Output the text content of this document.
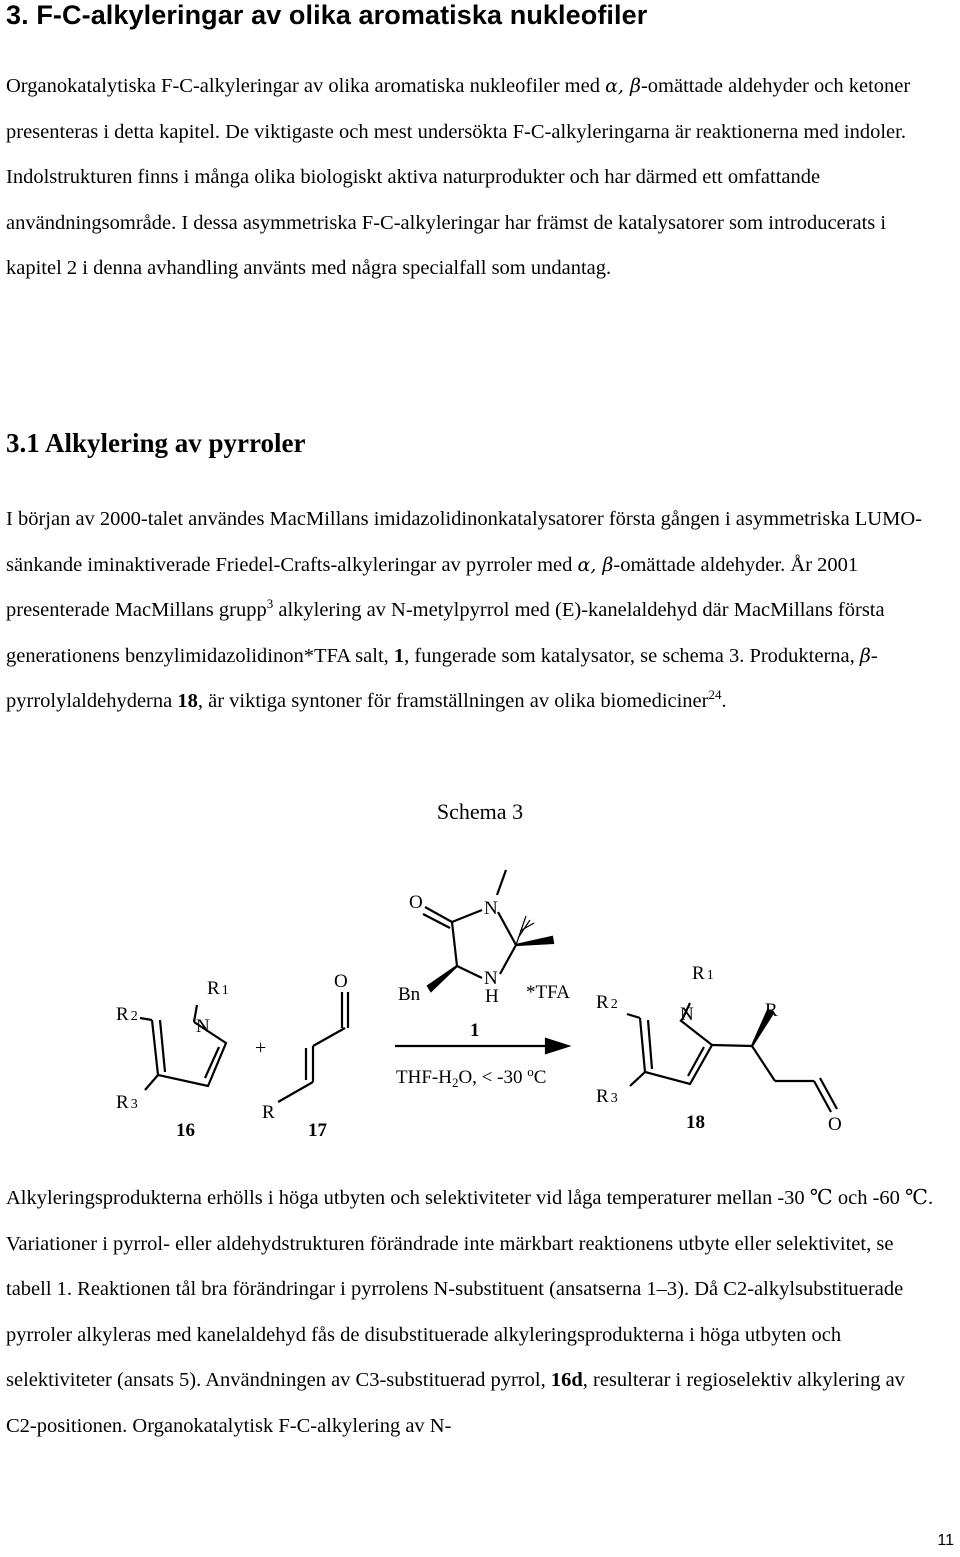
3. F-C-alkyleringar av olika aromatiska nukleofiler

Organokatalytiska F-C-alkyleringar av olika aromatiska nukleofiler med α, β-omättade aldehyder och ketoner presenteras i detta kapitel. De viktigaste och mest undersökta F-C-alkyleringarna är reaktionerna med indoler. Indolstrukturen finns i många olika biologiskt aktiva naturprodukter och har därmed ett omfattande användningsområde. I dessa asymmetriska F-C-alkyleringar har främst de katalysatorer som introducerats i kapitel 2 i denna avhandling använts med några specialfall som undantag.

3.1 Alkylering av pyrroler

I början av 2000-talet användes MacMillans imidazolidinonkatalysatorer första gången i asymmetriska LUMO-sänkande iminaktiverade Friedel-Crafts-alkyleringar av pyrroler med α, β-omättade aldehyder. År 2001 presenterade MacMillans grupp$^3$ alkylering av N-metylpyrrol med (E)-kanelaldehyd där MacMillans första generationens benzylimidazolidinon*TFA salt, 1, fungerade som katalysator, se schema 3. Produkterna, β-pyrrolylaldehyderna 18, är viktiga syntoner för framställningen av olika biomediciner$^{24}$.

Schema 3
N
R 1
R 2
R 3
16
+
O
R
17
O	N
N
H
Bn	*TFA
1
THF-$H_2O$, < -30 $^o$C
N
R 1
R 2
R 3
R
O
18

Alkyleringsprodukterna erhölls i höga utbyten och selektiviteter vid låga temperaturer mellan -30 ℃ och -60 ℃. Variationer i pyrrol- eller aldehydstrukturen förändrade inte märkbart reaktionens utbyte eller selektivitet, se tabell 1. Reaktionen tål bra förändringar i pyrrolens N-substituent (ansatserna 1–3). Då C2-alkylsubstituerade pyrroler alkyleras med kanelaldehyd fås de disubstituerade alkyleringsprodukterna i höga utbyten och selektiviteter (ansats 5). Användningen av C3-substituerad pyrrol, 16d, resulterar i regioselektiv alkylering av C2-positionen. Organokatalytisk F-C-alkylering av N-

11
